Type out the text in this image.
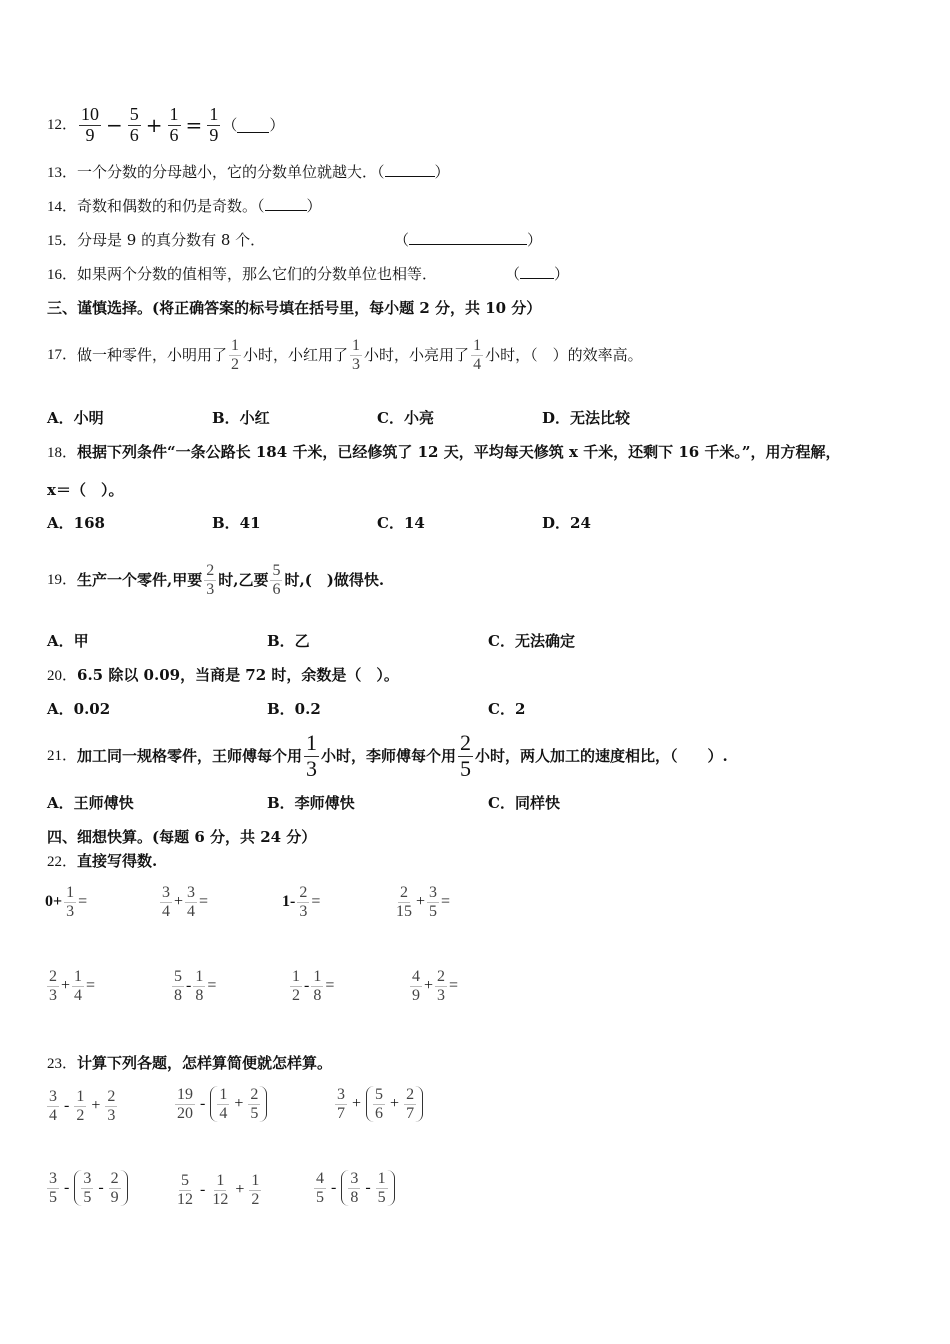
12． $\frac{10}{9} - \frac{5}{6} + \frac{1}{6} = \frac{1}{9}$ （ ）
13．一个分数的分母越小，它的分数单位就越大．（	）
14．奇数和偶数的和仍是奇数。（	）
15．分母是 9 的真分数有 8 个．	（	）
16．如果两个分数的值相等，那么它们的分数单位也相等．	（ ）
三、谨慎选择。(将正确答案的标号填在括号里，每小题 2 分，共 10 分）
17． 做一种零件，小明用了 $\frac{1}{2}$ 小时，小红用了 $\frac{1}{3}$ 小时，小亮用了 $\frac{1}{4}$ 小时，（　）的效率高。
A．小明	B．小红	C．小亮	D．无法比较
18．根据下列条件“一条公路长 184 千米，已经修筑了 12 天，平均每天修筑 x 千米，还剩下 16 千米。”，用方程解，
x＝（　）。
A．168	B．41	C．14	D．24
19． 生产一个零件,甲要 $\frac{2}{3}$ 时,乙要 $\frac{5}{6}$ 时,(　)做得快.
A．甲	B．乙	C．无法确定
20．6.5 除以 0.09，当商是 72 时，余数是（　）。
A．0.02	B．0.2	C．2
21． 加工同一规格零件，王师傅每个用 $\frac{1}{3}$ 小时，李师傅每个用 $\frac{2}{5}$ 小时，两人加工的速度相比，（　　）.
A．王师傅快	B．李师傅快	C．同样快
四、细想快算。(每题 6 分，共 24 分）
22．直接写得数.
$0+ \frac{1}{3}$ =	$\frac{3}{4} + \frac{3}{4}$ =	$1- \frac{2}{3}$ =	$\frac{2}{15} + \frac{3}{5}$ =
$\frac{2}{3} + \frac{1}{4}$ =	$\frac{5}{8} - \frac{1}{8}$ =	$\frac{1}{2} - \frac{1}{8}$ =	$\frac{4}{9} + \frac{2}{3}$ =
23．计算下列各题，怎样算简便就怎样算。
$\frac{3}{4} - \frac{1}{2} + \frac{2}{3}$	$\frac{19}{20} - \frac{1}{4} + \frac{2}{5}$	$\frac{3}{7} + \frac{5}{6} + \frac{2}{7}$
$\frac{3}{5} - \frac{3}{5} - \frac{2}{9}$	$\frac{5}{12} - \frac{1}{12} + \frac{1}{2}$	$\frac{4}{5} - \frac{3}{8} - \frac{1}{5}$
